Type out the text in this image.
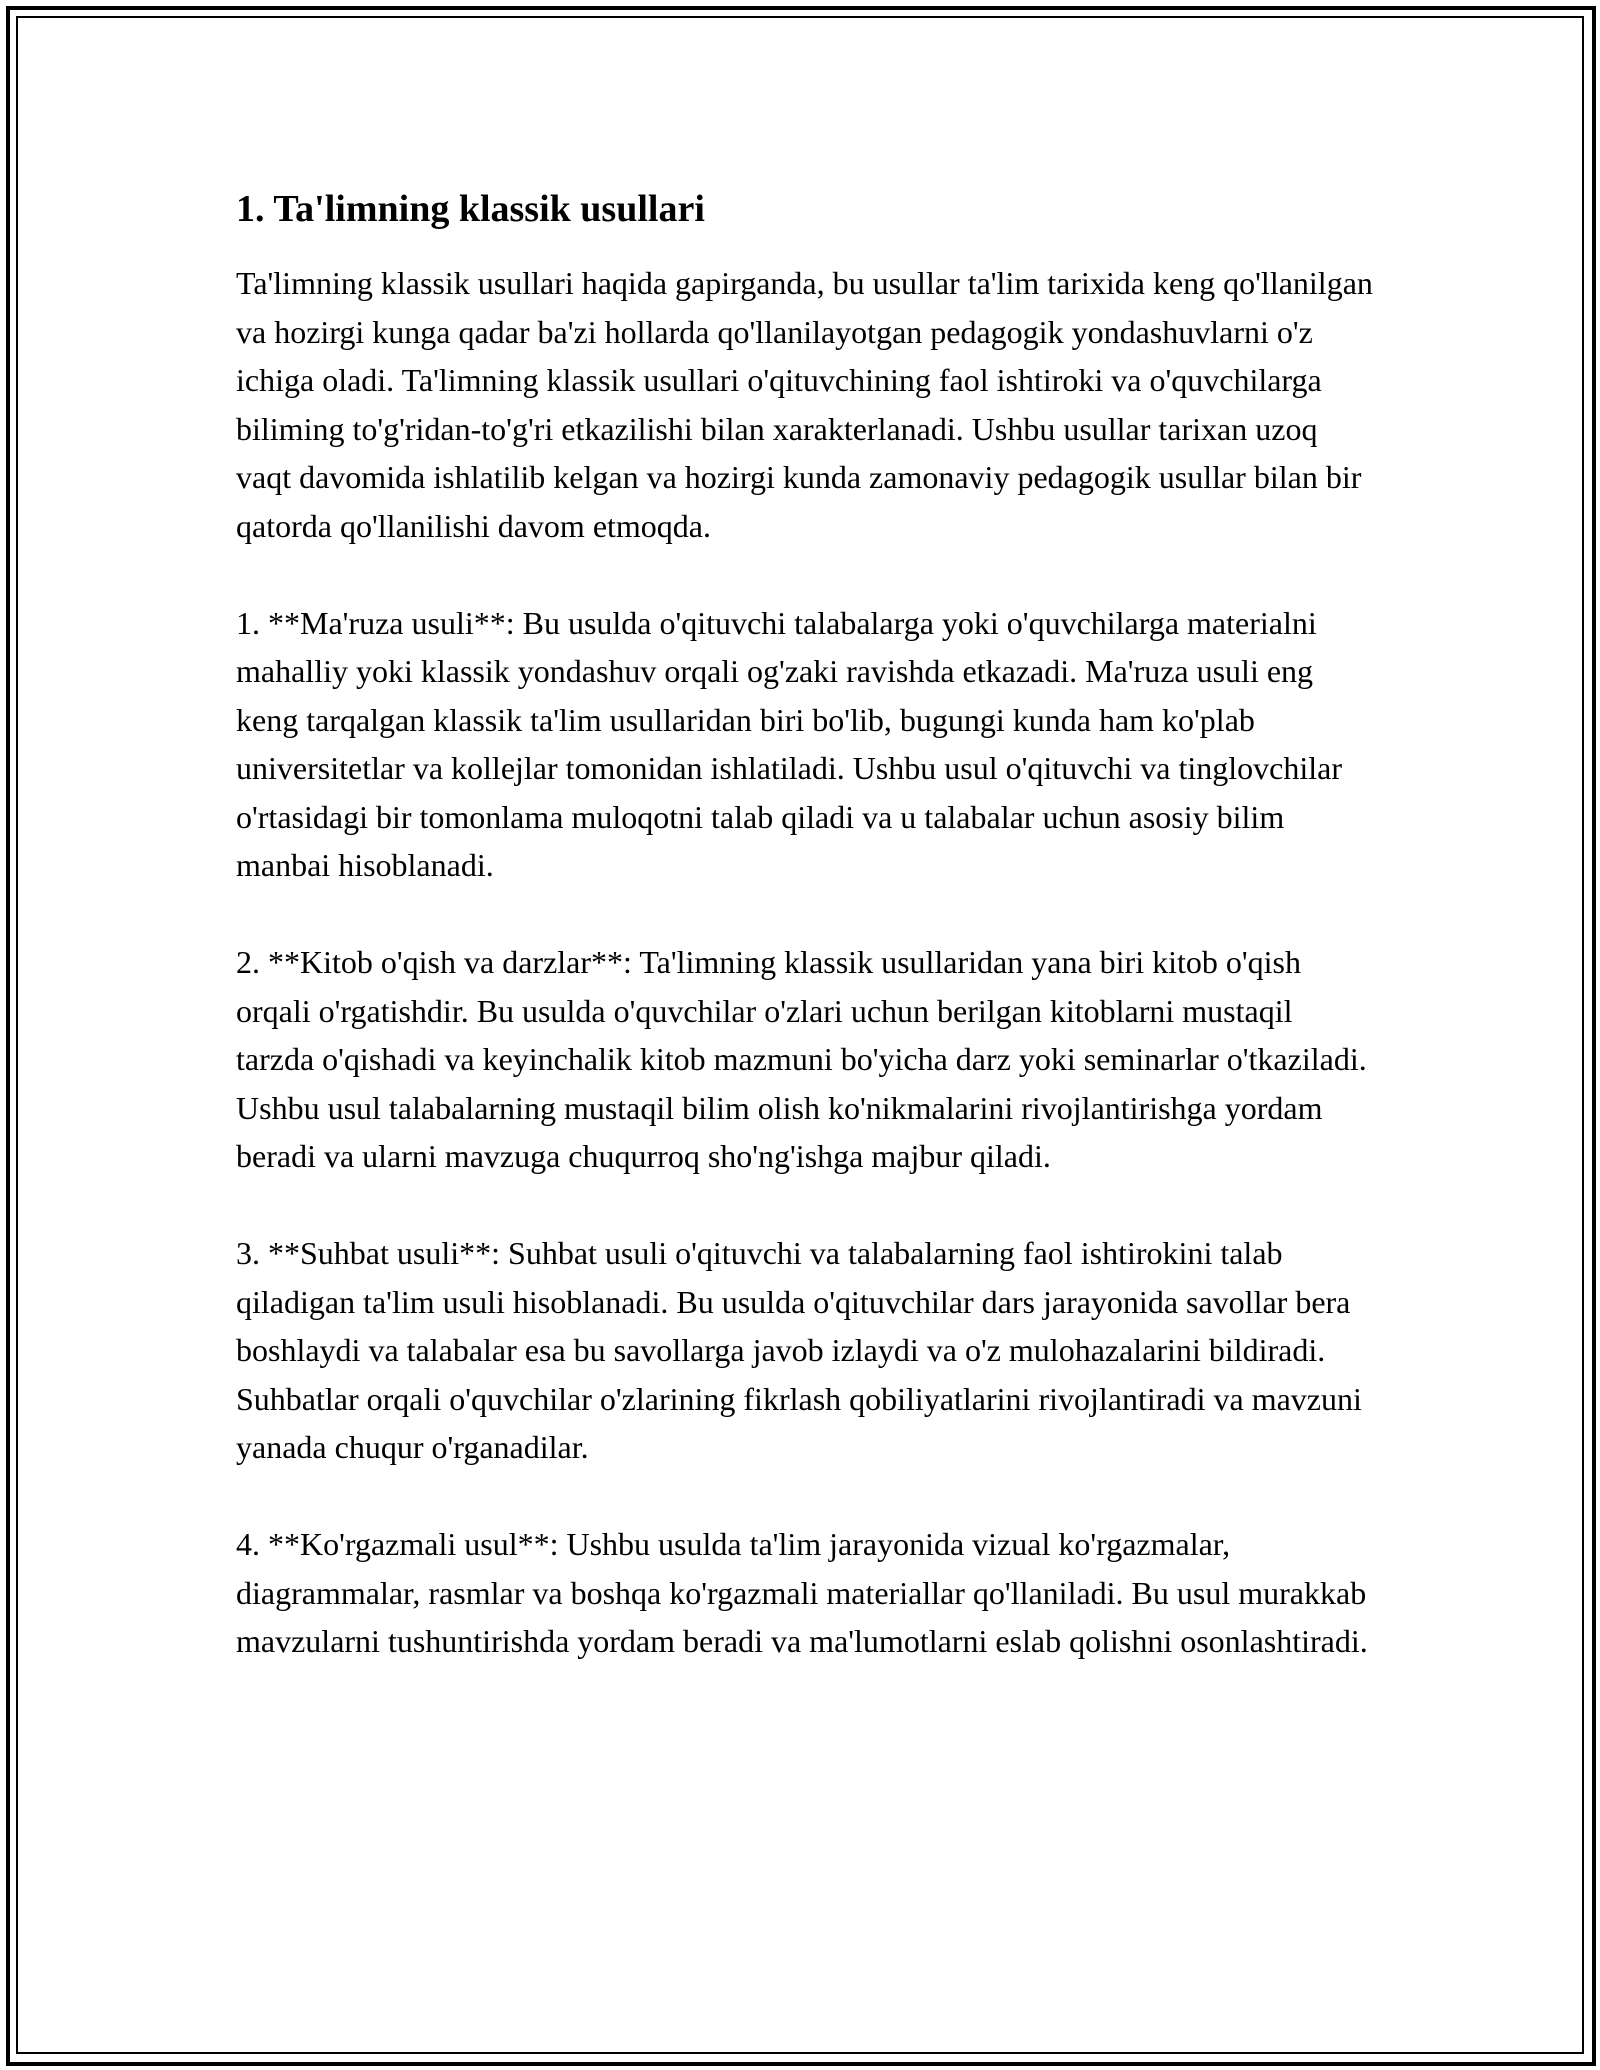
1. Ta'limning klassik usullari

Ta'limning klassik usullari haqida gapirganda, bu usullar ta'lim tarixida keng qo'llanilgan va hozirgi kunga qadar ba'zi hollarda qo'llanilayotgan pedagogik yondashuvlarni o'z ichiga oladi. Ta'limning klassik usullari o'qituvchining faol ishtiroki va o'quvchilarga biliming to'g'ridan-to'g'ri etkazilishi bilan xarakterlanadi. Ushbu usullar tarixan uzoq vaqt davomida ishlatilib kelgan va hozirgi kunda zamonaviy pedagogik usullar bilan bir qatorda qo'llanilishi davom etmoqda.

1. **Ma'ruza usuli**: Bu usulda o'qituvchi talabalarga yoki o'quvchilarga materialni mahalliy yoki klassik yondashuv orqali og'zaki ravishda etkazadi. Ma'ruza usuli eng keng tarqalgan klassik ta'lim usullaridan biri bo'lib, bugungi kunda ham ko'plab universitetlar va kollejlar tomonidan ishlatiladi. Ushbu usul o'qituvchi va tinglovchilar o'rtasidagi bir tomonlama muloqotni talab qiladi va u talabalar uchun asosiy bilim manbai hisoblanadi.

2. **Kitob o'qish va darzlar**: Ta'limning klassik usullaridan yana biri kitob o'qish orqali o'rgatishdir. Bu usulda o'quvchilar o'zlari uchun berilgan kitoblarni mustaqil tarzda o'qishadi va keyinchalik kitob mazmuni bo'yicha darz yoki seminarlar o'tkaziladi. Ushbu usul talabalarning mustaqil bilim olish ko'nikmalarini rivojlantirishga yordam beradi va ularni mavzuga chuqurroq sho'ng'ishga majbur qiladi.

3. **Suhbat usuli**: Suhbat usuli o'qituvchi va talabalarning faol ishtirokini talab qiladigan ta'lim usuli hisoblanadi. Bu usulda o'qituvchilar dars jarayonida savollar bera boshlaydi va talabalar esa bu savollarga javob izlaydi va o'z mulohazalarini bildiradi. Suhbatlar orqali o'quvchilar o'zlarining fikrlash qobiliyatlarini rivojlantiradi va mavzuni yanada chuqur o'rganadilar.

4. **Ko'rgazmali usul**: Ushbu usulda ta'lim jarayonida vizual ko'rgazmalar, diagrammalar, rasmlar va boshqa ko'rgazmali materiallar qo'llaniladi. Bu usul murakkab mavzularni tushuntirishda yordam beradi va ma'lumotlarni eslab qolishni osonlashtiradi.
